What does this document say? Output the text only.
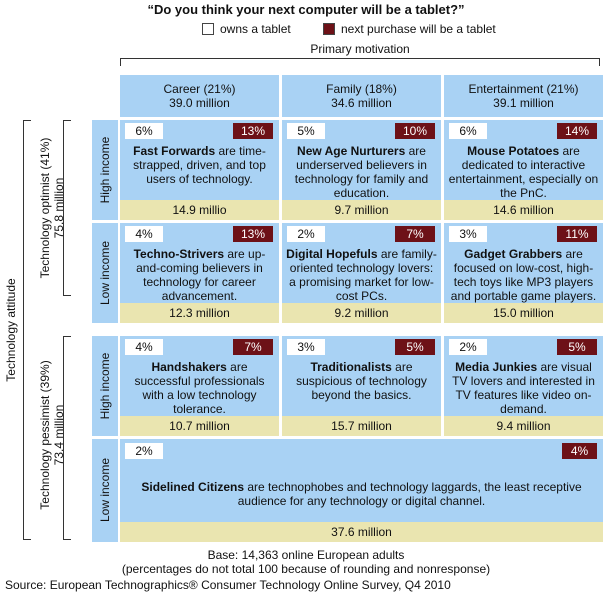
“Do you think your next computer will be a tablet?”
owns a tablet	next purchase will be a tablet
Primary motivation
Career (21%)
39.0 million
Family (18%)
34.6 million
Entertainment (21%)
39.1 million
Technology attitude
Technology optimist (41%) 75.8 million
Technology pessimist (39%) 73.4 million
High income
Low income
High income
Low income
6%	13%
Fast Forwards are time-strapped, driven, and top users of technology.
14.9 millio
5%	10%
New Age Nurturers are underserved believers in technology for family and education.
9.7 million
6%	14%
Mouse Potatoes are dedicated to interactive entertainment, especially on the PnC.
14.6 million
4%	13%
Techno-Strivers are up-and-coming believers in technology for career advancement.
12.3 million
2%	7%
Digital Hopefuls are family-oriented technology lovers: a promising market for low-cost PCs.
9.2 million
3%	11%
Gadget Grabbers are focused on low-cost, high-tech toys like MP3 players and portable game players.
15.0 million
4%	7%
Handshakers are successful professionals with a low technology tolerance.
10.7 million
3%	5%
Traditionalists are suspicious of technology beyond the basics.
15.7 million
2%	5%
Media Junkies are visual TV lovers and interested in TV features like video on-demand.
9.4 million
2%	4%
Sidelined Citizens are technophobes and technology laggards, the least receptive audience for any technology or digital channel.
37.6 million
Base: 14,363 online European adults
(percentages do not total 100 because of rounding and nonresponse)
Source: European Technographics® Consumer Technology Online Survey, Q4 2010
